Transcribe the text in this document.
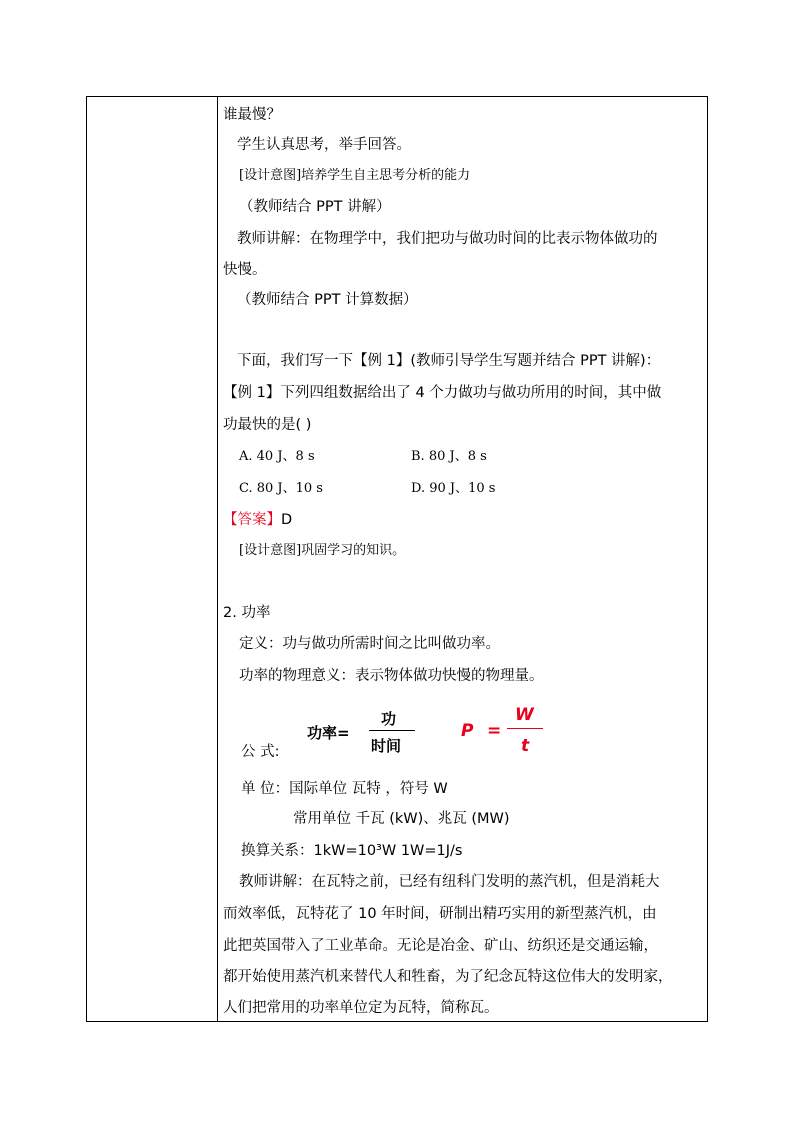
谁最慢？
学生认真思考，举手回答。
[设计意图]培养学生自主思考分析的能力
（教师结合 PPT 讲解）
教师讲解：在物理学中，我们把功与做功时间的比表示物体做功的
快慢。
（教师结合 PPT 计算数据）
下面，我们写一下【例 1】(教师引导学生写题并结合 PPT 讲解)：
【例 1】下列四组数据给出了 4 个力做功与做功所用的时间，其中做
功最快的是( )
A. 40 J、8 s	B. 80 J、8 s
C. 80 J、10 s	D. 90 J、10 s
【答案】D
[设计意图]巩固学习的知识。
2. 功率
定义：功与做功所需时间之比叫做功率。
功率的物理意义：表示物体做功快慢的物理量。
功率=
功
时间
P =
W
t
公 式:
单 位：国际单位 瓦特 ，符号 W
常用单位 千瓦 (kW)、兆瓦 (MW)
换算关系：1kW=10³W 1W=1J/s
教师讲解：在瓦特之前，已经有纽科门发明的蒸汽机，但是消耗大
而效率低，瓦特花了 10 年时间，研制出精巧实用的新型蒸汽机，由
此把英国带入了工业革命。无论是冶金、矿山、纺织还是交通运输，
都开始使用蒸汽机来替代人和牲畜，为了纪念瓦特这位伟大的发明家，
人们把常用的功率单位定为瓦特，简称瓦。
